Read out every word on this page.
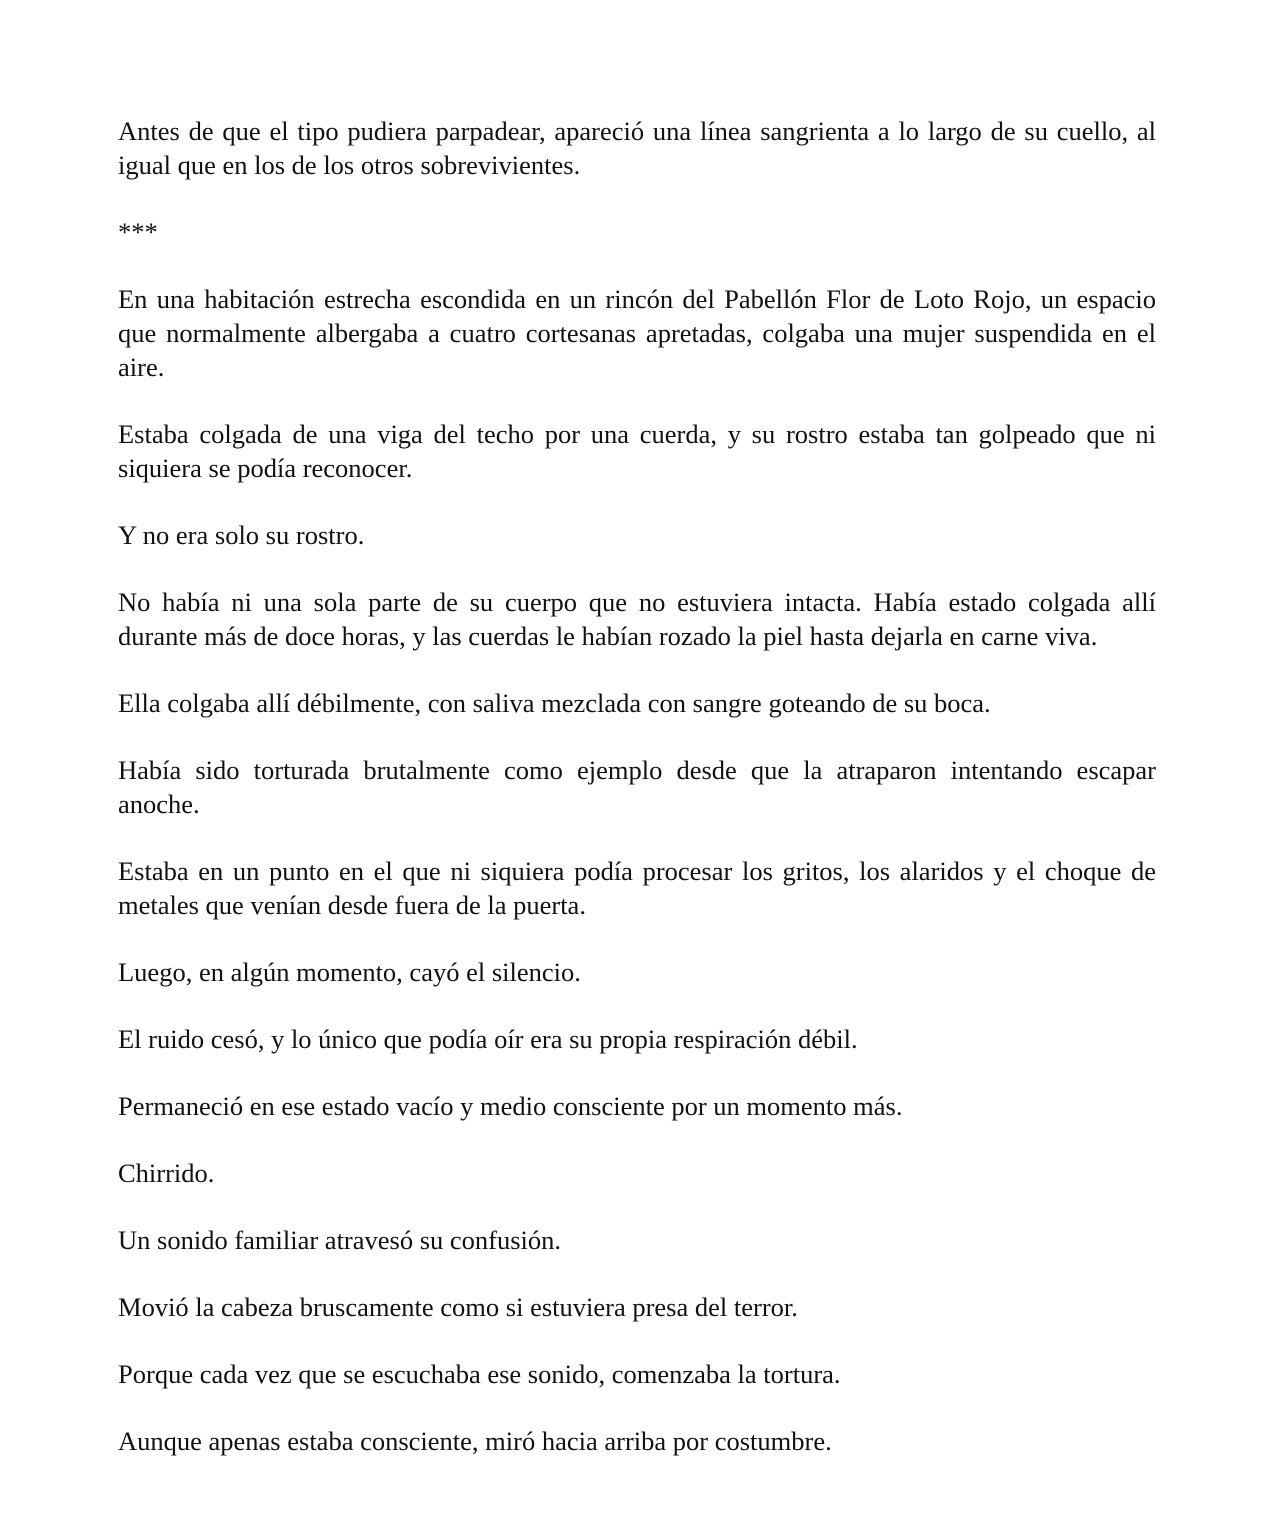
Antes de que el tipo pudiera parpadear, apareció una línea sangrienta a lo largo de su cuello, al igual que en los de los otros sobrevivientes.

***

En una habitación estrecha escondida en un rincón del Pabellón Flor de Loto Rojo, un espacio que normalmente albergaba a cuatro cortesanas apretadas, colgaba una mujer suspendida en el aire.

Estaba colgada de una viga del techo por una cuerda, y su rostro estaba tan golpeado que ni siquiera se podía reconocer.

Y no era solo su rostro.

No había ni una sola parte de su cuerpo que no estuviera intacta. Había estado colgada allí durante más de doce horas, y las cuerdas le habían rozado la piel hasta dejarla en carne viva.

Ella colgaba allí débilmente, con saliva mezclada con sangre goteando de su boca.

Había sido torturada brutalmente como ejemplo desde que la atraparon intentando escapar anoche.

Estaba en un punto en el que ni siquiera podía procesar los gritos, los alaridos y el choque de metales que venían desde fuera de la puerta.

Luego, en algún momento, cayó el silencio.

El ruido cesó, y lo único que podía oír era su propia respiración débil.

Permaneció en ese estado vacío y medio consciente por un momento más.

Chirrido.

Un sonido familiar atravesó su confusión.

Movió la cabeza bruscamente como si estuviera presa del terror.

Porque cada vez que se escuchaba ese sonido, comenzaba la tortura.

Aunque apenas estaba consciente, miró hacia arriba por costumbre.
